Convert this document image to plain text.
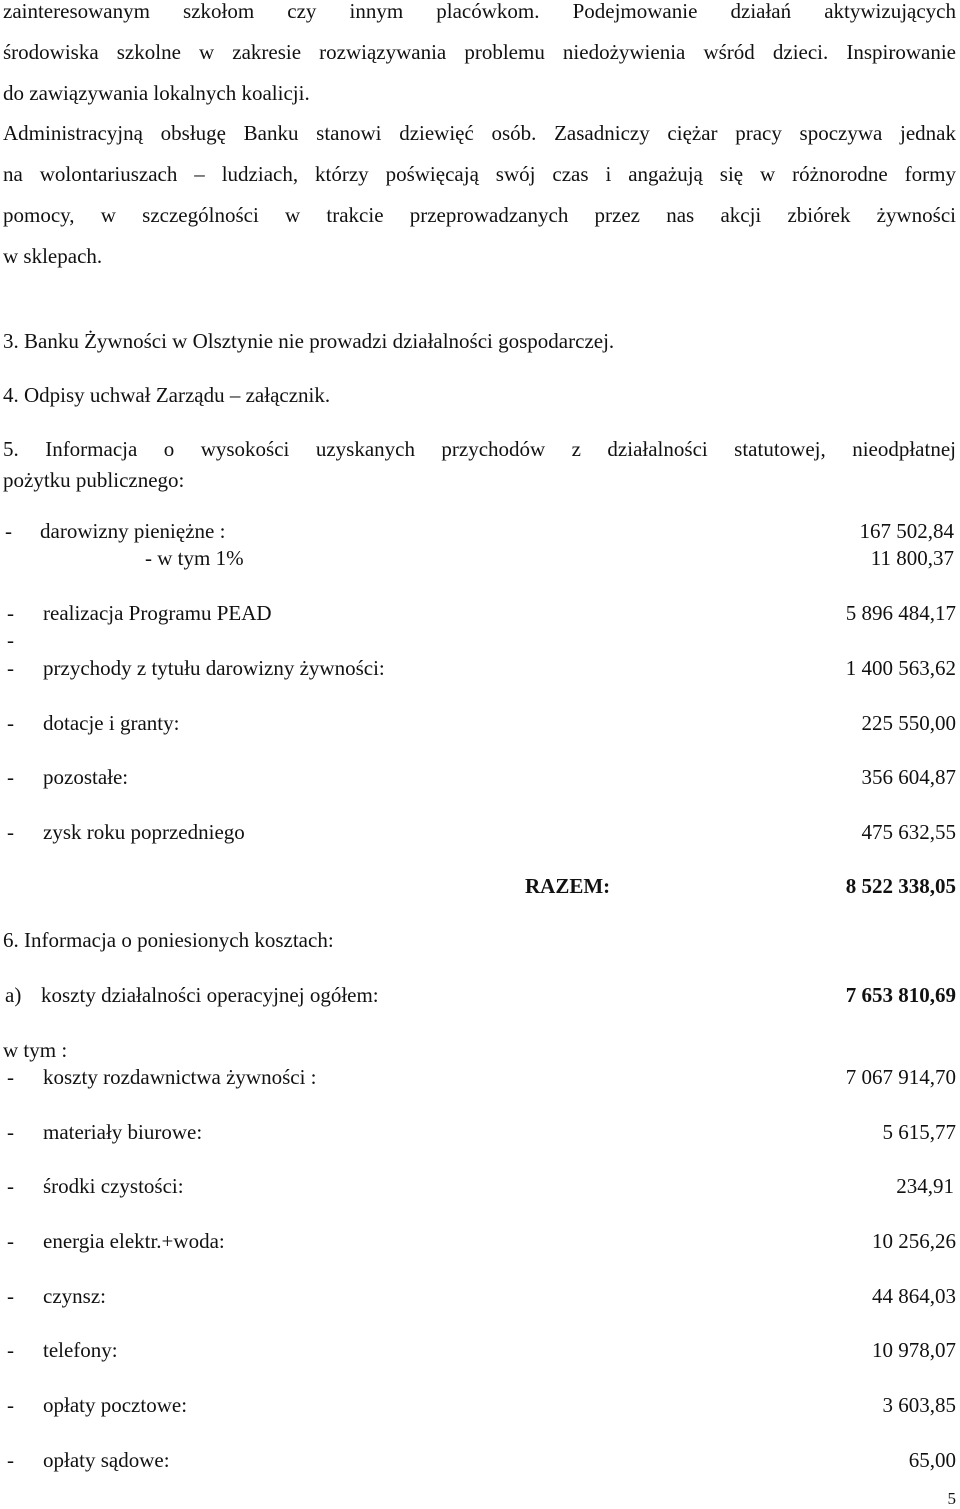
zainteresowanym szkołom czy innym placówkom. Podejmowanie działań aktywizujących
środowiska szkolne w zakresie rozwiązywania problemu niedożywienia wśród dzieci. Inspirowanie
do zawiązywania lokalnych koalicji.
Administracyjną obsługę Banku stanowi dziewięć osób. Zasadniczy ciężar pracy spoczywa jednak
na wolontariuszach – ludziach, którzy poświęcają swój czas i angażują się w różnorodne formy
pomocy, w szczególności w trakcie przeprowadzanych przez nas akcji zbiórek żywności
w sklepach.
3. Banku Żywności w Olsztynie nie prowadzi działalności gospodarczej.
4. Odpisy uchwał Zarządu – załącznik.
5. Informacja o wysokości uzyskanych przychodów z działalności statutowej, nieodpłatnej
pożytku publicznego:
- darowizny pieniężne :	167 502,84
- w tym 1%	11 800,37
- realizacja Programu PEAD	5 896 484,17
-
- przychody z tytułu darowizny żywności:	1 400 563,62
- dotacje i granty:	225 550,00
- pozostałe:	356 604,87
- zysk roku poprzedniego	475 632,55
RAZEM:	8 522 338,05
6. Informacja o poniesionych kosztach:
a) koszty działalności operacyjnej ogółem:	7 653 810,69
w tym :
- koszty rozdawnictwa żywności :	7 067 914,70
- materiały biurowe:	5 615,77
- środki czystości:	234,91
- energia elektr.+woda:	10 256,26
- czynsz:	44 864,03
- telefony:	10 978,07
- opłaty pocztowe:	3 603,85
- opłaty sądowe:	65,00
5
